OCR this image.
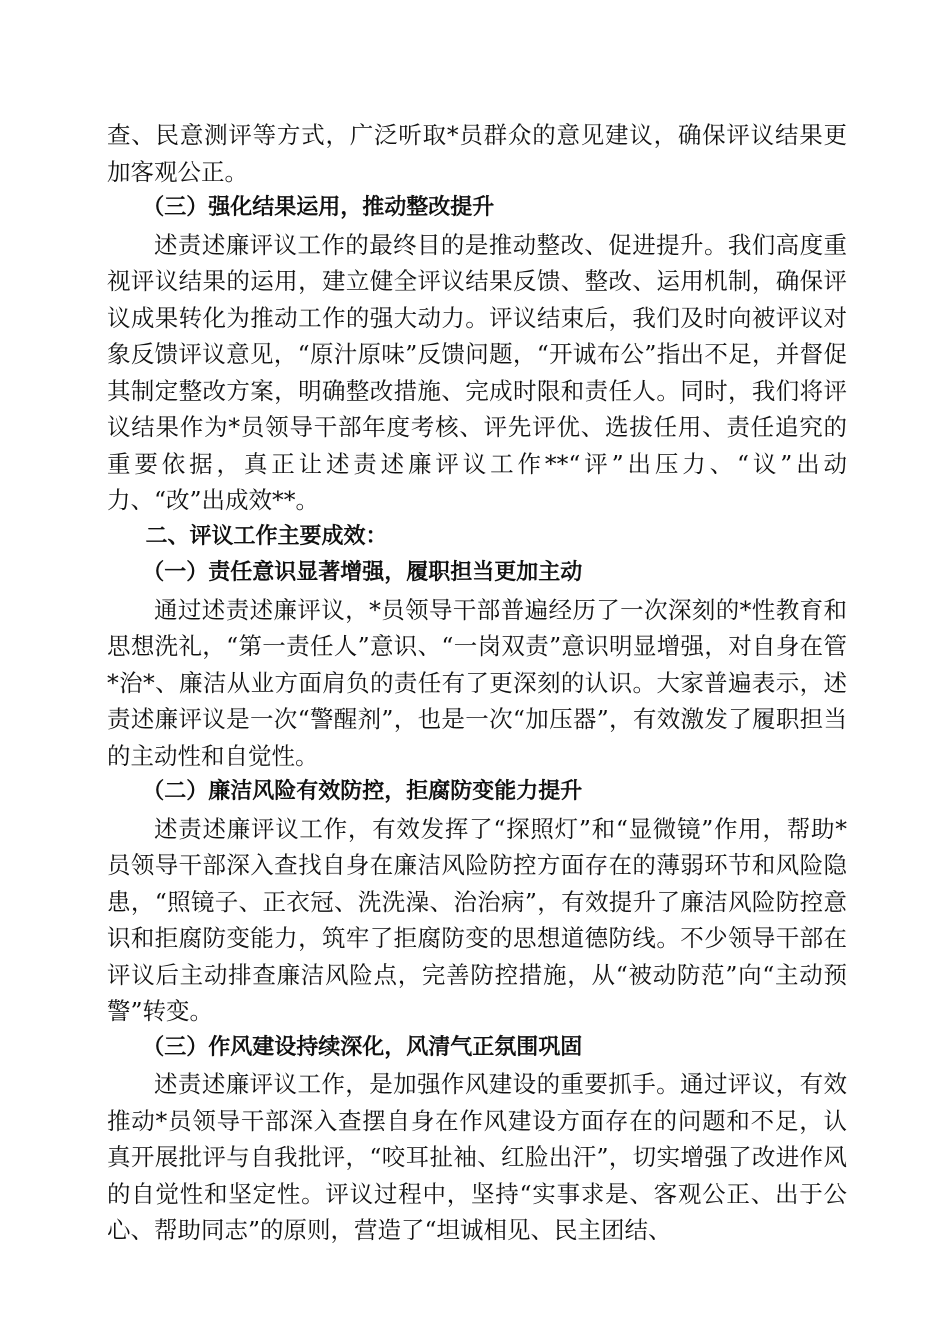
查、民意测评等方式，广泛听取*员群众的意见建议，确保评议结果更加客观公正。

（三）强化结果运用，推动整改提升

述责述廉评议工作的最终目的是推动整改、促进提升。我们高度重视评议结果的运用，建立健全评议结果反馈、整改、运用机制，确保评议成果转化为推动工作的强大动力。评议结束后，我们及时向被评议对象反馈评议意见，“原汁原味”反馈问题，“开诚布公”指出不足，并督促其制定整改方案，明确整改措施、完成时限和责任人。同时，我们将评议结果作为*员领导干部年度考核、评先评优、选拔任用、责任追究的重要依据，真正让述责述廉评议工作**“评”出压力、“议”出动力、“改”出成效**。

二、评议工作主要成效：

（一）责任意识显著增强，履职担当更加主动

通过述责述廉评议，*员领导干部普遍经历了一次深刻的*性教育和思想洗礼，“第一责任人”意识、“一岗双责”意识明显增强，对自身在管*治*、廉洁从业方面肩负的责任有了更深刻的认识。大家普遍表示，述责述廉评议是一次“警醒剂”，也是一次“加压器”，有效激发了履职担当的主动性和自觉性。

（二）廉洁风险有效防控，拒腐防变能力提升

述责述廉评议工作，有效发挥了“探照灯”和“显微镜”作用，帮助*员领导干部深入查找自身在廉洁风险防控方面存在的薄弱环节和风险隐患，“照镜子、正衣冠、洗洗澡、治治病”，有效提升了廉洁风险防控意识和拒腐防变能力，筑牢了拒腐防变的思想道德防线。不少领导干部在评议后主动排查廉洁风险点，完善防控措施，从“被动防范”向“主动预警”转变。

（三）作风建设持续深化，风清气正氛围巩固

述责述廉评议工作，是加强作风建设的重要抓手。通过评议，有效推动*员领导干部深入查摆自身在作风建设方面存在的问题和不足，认真开展批评与自我批评，“咬耳扯袖、红脸出汗”，切实增强了改进作风的自觉性和坚定性。评议过程中，坚持“实事求是、客观公正、出于公心、帮助同志”的原则，营造了“坦诚相见、民主团结、
